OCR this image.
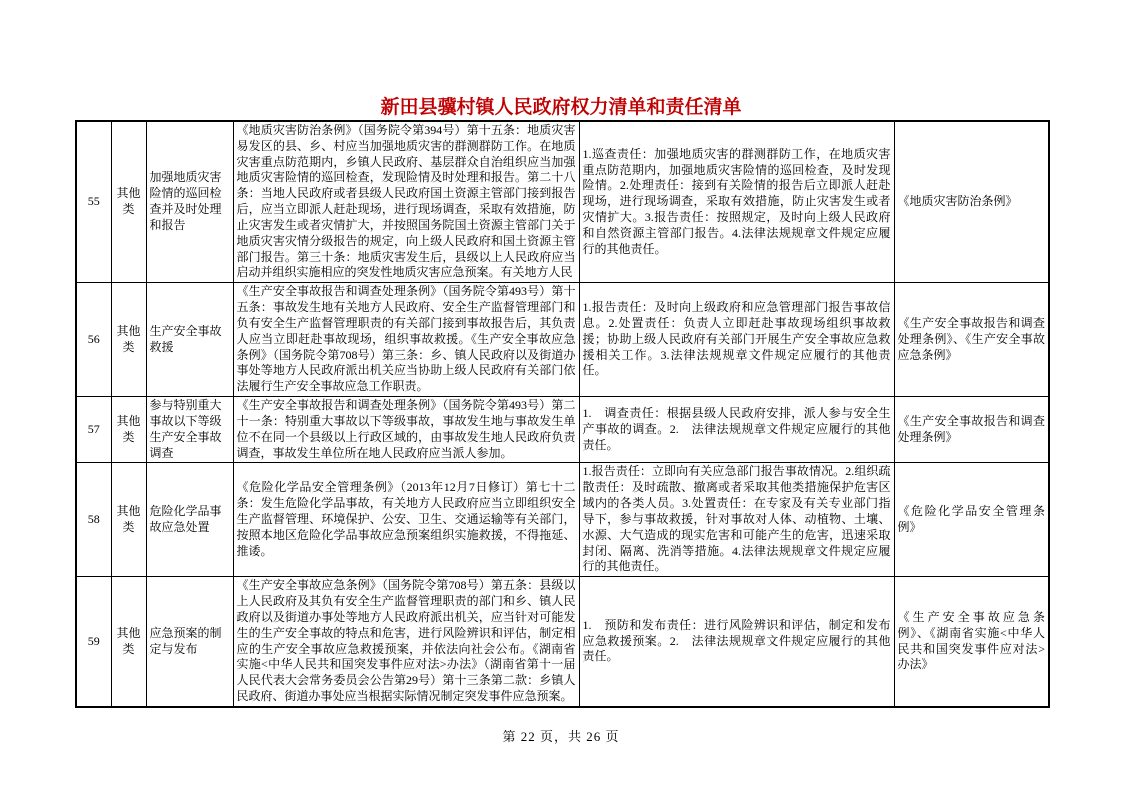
新田县骥村镇人民政府权力清单和责任清单
55	其他类	加强地质灾害险情的巡回检查并及时处理和报告	《地质灾害防治条例》（国务院令第394号）第十五条：地质灾害易发区的县、乡、村应当加强地质灾害的群测群防工作。在地质灾害重点防范期内，乡镇人民政府、基层群众自治组织应当加强地质灾害险情的巡回检查，发现险情及时处理和报告。第二十八条：当地人民政府或者县级人民政府国土资源主管部门接到报告后，应当立即派人赶赴现场，进行现场调查，采取有效措施，防止灾害发生或者灾情扩大，并按照国务院国土资源主管部门关于地质灾害灾情分级报告的规定，向上级人民政府和国土资源主管部门报告。第三十条：地质灾害发生后，县级以上人民政府应当启动并组织实施相应的突发性地质灾害应急预案。有关地方人民	1.巡查责任：加强地质灾害的群测群防工作，在地质灾害重点防范期内，加强地质灾害险情的巡回检查，及时发现险情。2.处理责任：接到有关险情的报告后立即派人赶赴现场，进行现场调查，采取有效措施，防止灾害发生或者灾情扩大。3.报告责任：按照规定，及时向上级人民政府和自然资源主管部门报告。4.法律法规规章文件规定应履行的其他责任。	《地质灾害防治条例》
56	其他类	生产安全事故救援	《生产安全事故报告和调查处理条例》（国务院令第493号）第十五条：事故发生地有关地方人民政府、安全生产监督管理部门和负有安全生产监督管理职责的有关部门接到事故报告后，其负责人应当立即赶赴事故现场，组织事故救援。《生产安全事故应急条例》（国务院令第708号）第三条：乡、镇人民政府以及街道办事处等地方人民政府派出机关应当协助上级人民政府有关部门依法履行生产安全事故应急工作职责。	1.报告责任：及时向上级政府和应急管理部门报告事故信息。2.处置责任：负责人立即赶赴事故现场组织事故救援；协助上级人民政府有关部门开展生产安全事故应急救援相关工作。3.法律法规规章文件规定应履行的其他责任。	《生产安全事故报告和调查处理条例》、《生产安全事故应急条例》
57	其他类	参与特别重大事故以下等级生产安全事故调查	《生产安全事故报告和调查处理条例》（国务院令第493号）第二十一条：特别重大事故以下等级事故，事故发生地与事故发生单位不在同一个县级以上行政区域的，由事故发生地人民政府负责调查，事故发生单位所在地人民政府应当派人参加。	1.　调查责任：根据县级人民政府安排，派人参与安全生产事故的调查。2.　法律法规规章文件规定应履行的其他责任。	《生产安全事故报告和调查处理条例》
58	其他类	危险化学品事故应急处置	《危险化学品安全管理条例》（2013年12月7日修订）第七十二条：发生危险化学品事故，有关地方人民政府应当立即组织安全生产监督管理、环境保护、公安、卫生、交通运输等有关部门，按照本地区危险化学品事故应急预案组织实施救援，不得拖延、推诿。	1.报告责任：立即向有关应急部门报告事故情况。2.组织疏散责任：及时疏散、撤离或者采取其他类措施保护危害区域内的各类人员。3.处置责任：在专家及有关专业部门指导下，参与事故救援，针对事故对人体、动植物、土壤、水源、大气造成的现实危害和可能产生的危害，迅速采取封闭、隔离、洗消等措施。4.法律法规规章文件规定应履行的其他责任。	《危险化学品安全管理条例》
59	其他类	应急预案的制定与发布	《生产安全事故应急条例》（国务院令第708号）第五条：县级以上人民政府及其负有安全生产监督管理职责的部门和乡、镇人民政府以及街道办事处等地方人民政府派出机关，应当针对可能发生的生产安全事故的特点和危害，进行风险辨识和评估，制定相应的生产安全事故应急救援预案，并依法向社会公布。《湖南省实施<中华人民共和国突发事件应对法>办法》（湖南省第十一届人民代表大会常务委员会公告第29号）第十三条第二款：乡镇人民政府、街道办事处应当根据实际情况制定突发事件应急预案。	1.　预防和发布责任：进行风险辨识和评估，制定和发布应急救援预案。2.　法律法规规章文件规定应履行的其他责任。	《生产安全事故应急条例》、《湖南省实施<中华人民共和国突发事件应对法>办法》
第 22 页，共 26 页
